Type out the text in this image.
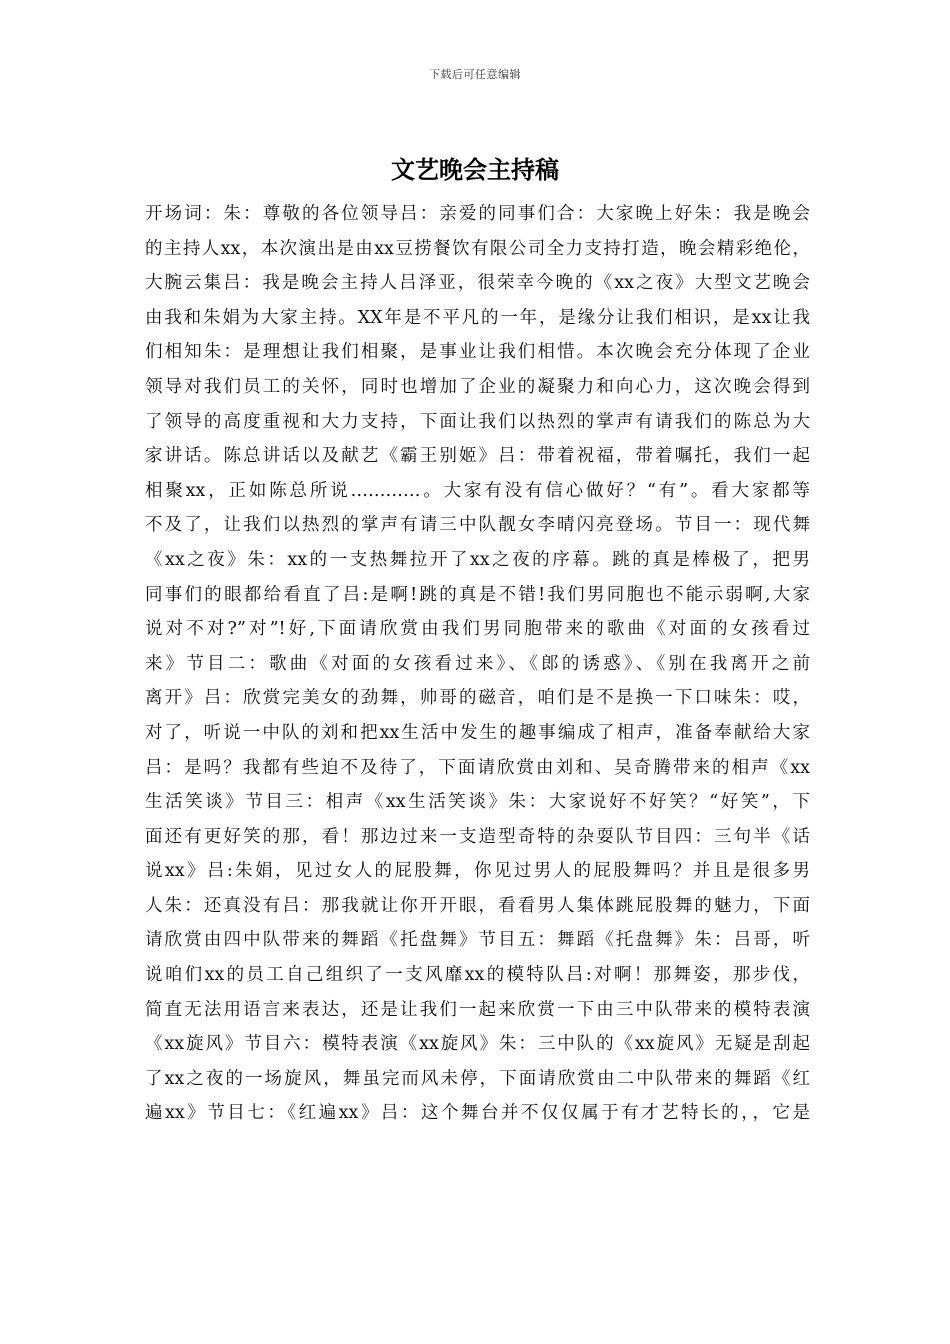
下载后可任意编辑
文艺晚会主持稿
开场词：朱：尊敬的各位领导吕：亲爱的同事们合：大家晚上好朱：我是晚会
的主持人xx，本次演出是由xx豆捞餐饮有限公司全力支持打造，晚会精彩绝伦，
大腕云集吕：我是晚会主持人吕泽亚，很荣幸今晚的《xx之夜》大型文艺晚会
由我和朱娟为大家主持。XX年是不平凡的一年，是缘分让我们相识，是xx让我
们相知朱：是理想让我们相聚，是事业让我们相惜。本次晚会充分体现了企业
领导对我们员工的关怀，同时也增加了企业的凝聚力和向心力，这次晚会得到
了领导的高度重视和大力支持，下面让我们以热烈的掌声有请我们的陈总为大
家讲话。陈总讲话以及献艺《霸王别姬》吕：带着祝福，带着嘱托，我们一起
相聚xx，正如陈总所说…………。大家有没有信心做好？“有”。看大家都等
不及了，让我们以热烈的掌声有请三中队靓女李晴闪亮登场。节目一：现代舞
《xx之夜》朱：xx的一支热舞拉开了xx之夜的序幕。跳的真是棒极了，把男
同事们的眼都给看直了吕:是啊!跳的真是不错!我们男同胞也不能示弱啊,大家
说对不对?”对”!好,下面请欣赏由我们男同胞带来的歌曲《对面的女孩看过
来》节目二：歌曲《对面的女孩看过来》、《郎的诱惑》、《别在我离开之前
离开》吕：欣赏完美女的劲舞，帅哥的磁音，咱们是不是换一下口味朱：哎，
对了，听说一中队的刘和把xx生活中发生的趣事编成了相声，准备奉献给大家
吕：是吗？我都有些迫不及待了，下面请欣赏由刘和、吴奇腾带来的相声《xx
生活笑谈》节目三：相声《xx生活笑谈》朱：大家说好不好笑？“好笑”，下
面还有更好笑的那，看！那边过来一支造型奇特的杂耍队节目四：三句半《话
说xx》吕:朱娟，见过女人的屁股舞，你见过男人的屁股舞吗？并且是很多男
人朱：还真没有吕：那我就让你开开眼，看看男人集体跳屁股舞的魅力，下面
请欣赏由四中队带来的舞蹈《托盘舞》节目五：舞蹈《托盘舞》朱：吕哥，听
说咱们xx的员工自己组织了一支风靡xx的模特队吕:对啊！那舞姿，那步伐，
简直无法用语言来表达，还是让我们一起来欣赏一下由三中队带来的模特表演
《xx旋风》节目六：模特表演《xx旋风》朱：三中队的《xx旋风》无疑是刮起
了xx之夜的一场旋风，舞虽完而风未停，下面请欣赏由二中队带来的舞蹈《红
遍xx》节目七：《红遍xx》吕：这个舞台并不仅仅属于有才艺特长的，，它是
